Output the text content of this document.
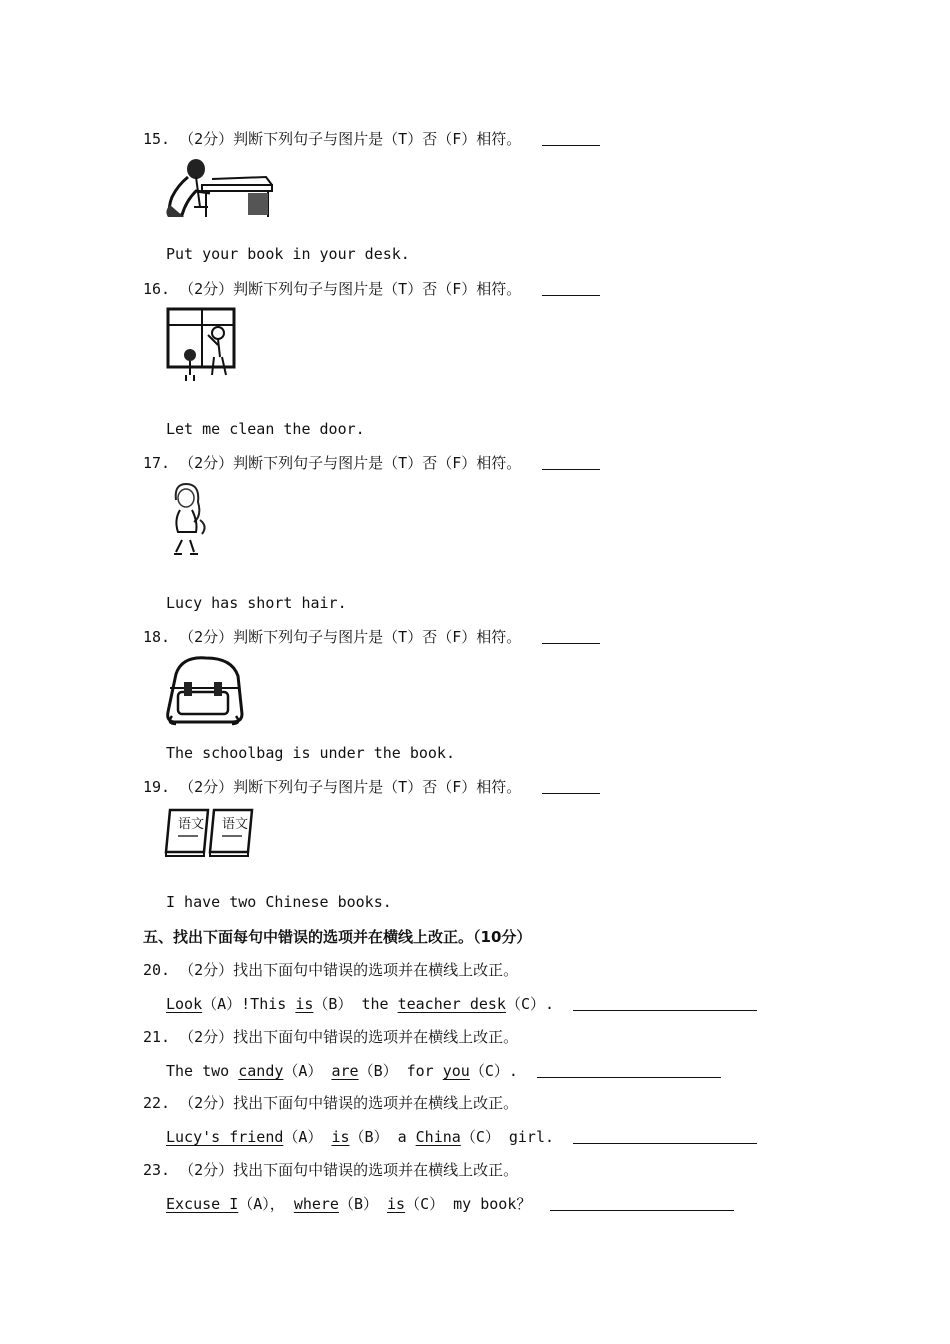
15. （2分）判断下列句子与图片是（T）否（F）相符。
Put your book in your desk.
16. （2分）判断下列句子与图片是（T）否（F）相符。
Let me clean the door.
17. （2分）判断下列句子与图片是（T）否（F）相符。
Lucy has short hair.
18. （2分）判断下列句子与图片是（T）否（F）相符。
The schoolbag is under the book.
19. （2分）判断下列句子与图片是（T）否（F）相符。
语文 语文
I have two Chinese books.
五、找出下面每句中错误的选项并在横线上改正。（10分）
20. （2分）找出下面句中错误的选项并在横线上改正。
Look（A）!This is（B） the teacher desk（C）.
21. （2分）找出下面句中错误的选项并在横线上改正。
The two candy（A） are（B） for you（C）.
22. （2分）找出下面句中错误的选项并在横线上改正。
Lucy's friend（A） is（B） a China（C） girl.
23. （2分）找出下面句中错误的选项并在横线上改正。
Excuse I（A）， where（B） is（C） my book？
